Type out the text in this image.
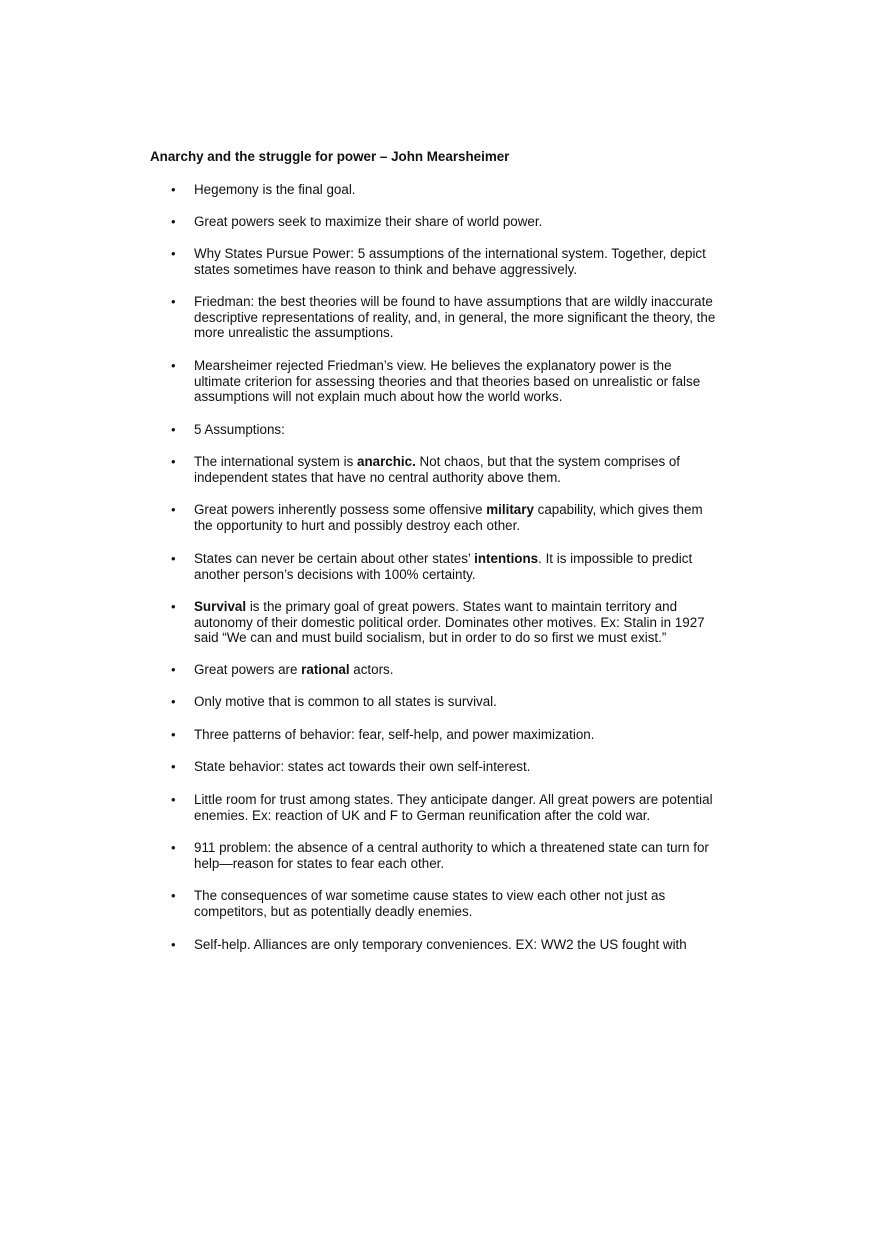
Anarchy and the struggle for power – John Mearsheimer
• Hegemony is the final goal.
• Great powers seek to maximize their share of world power.
• Why States Pursue Power: 5 assumptions of the international system. Together, depict
states sometimes have reason to think and behave aggressively.
• Friedman: the best theories will be found to have assumptions that are wildly inaccurate
descriptive representations of reality, and, in general, the more significant the theory, the
more unrealistic the assumptions.
• Mearsheimer rejected Friedman’s view. He believes the explanatory power is the
ultimate criterion for assessing theories and that theories based on unrealistic or false
assumptions will not explain much about how the world works.
• 5 Assumptions:
• The international system is anarchic. Not chaos, but that the system comprises of
independent states that have no central authority above them.
• Great powers inherently possess some offensive military capability, which gives them
the opportunity to hurt and possibly destroy each other.
• States can never be certain about other states’ intentions. It is impossible to predict
another person’s decisions with 100% certainty.
• Survival is the primary goal of great powers. States want to maintain territory and
autonomy of their domestic political order. Dominates other motives. Ex: Stalin in 1927
said “We can and must build socialism, but in order to do so first we must exist.”
• Great powers are rational actors.
• Only motive that is common to all states is survival.
• Three patterns of behavior: fear, self-help, and power maximization.
• State behavior: states act towards their own self-interest.
• Little room for trust among states. They anticipate danger. All great powers are potential
enemies. Ex: reaction of UK and F to German reunification after the cold war.
• 911 problem: the absence of a central authority to which a threatened state can turn for
help—reason for states to fear each other.
• The consequences of war sometime cause states to view each other not just as
competitors, but as potentially deadly enemies.
• Self-help. Alliances are only temporary conveniences. EX: WW2 the US fought with
